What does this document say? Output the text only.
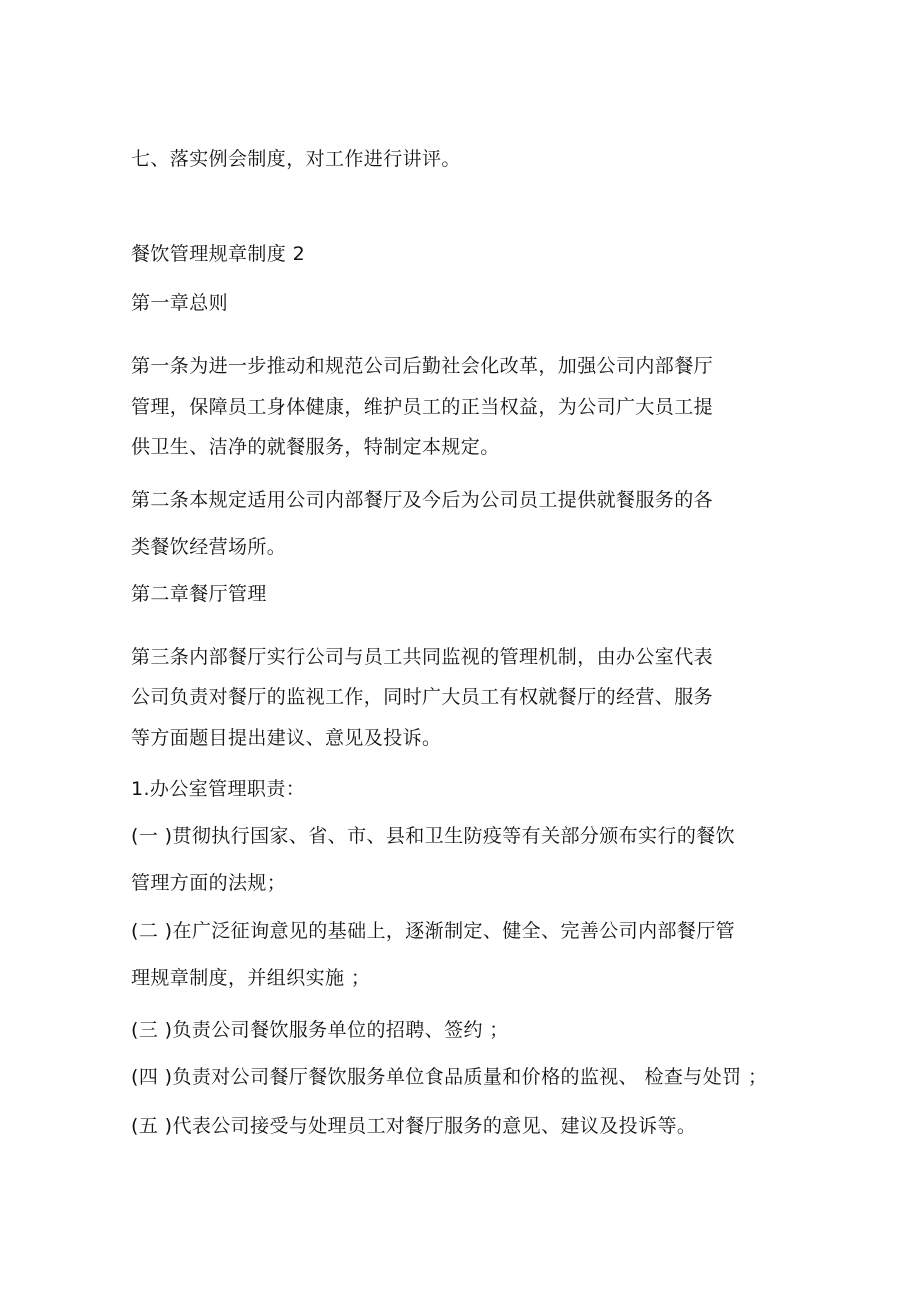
七、落实例会制度，对工作进行讲评。
餐饮管理规章制度 2
第一章总则
第一条为进一步推动和规范公司后勤社会化改革，加强公司内部餐厅
管理，保障员工身体健康，维护员工的正当权益，为公司广大员工提
供卫生、洁净的就餐服务，特制定本规定。
第二条本规定适用公司内部餐厅及今后为公司员工提供就餐服务的各
类餐饮经营场所。
第二章餐厅管理
第三条内部餐厅实行公司与员工共同监视的管理机制，由办公室代表
公司负责对餐厅的监视工作，同时广大员工有权就餐厅的经营、服务
等方面题目提出建议、意见及投诉。
1.办公室管理职责：
(一 )贯彻执行国家、省、市、县和卫生防疫等有关部分颁布实行的餐饮
管理方面的法规；
(二 )在广泛征询意见的基础上，逐渐制定、健全、完善公司内部餐厅管
理规章制度，并组织实施 ；
(三 )负责公司餐饮服务单位的招聘、签约 ；
(四 )负责对公司餐厅餐饮服务单位食品质量和价格的监视、 检查与处罚 ；
(五 )代表公司接受与处理员工对餐厅服务的意见、建议及投诉等。
